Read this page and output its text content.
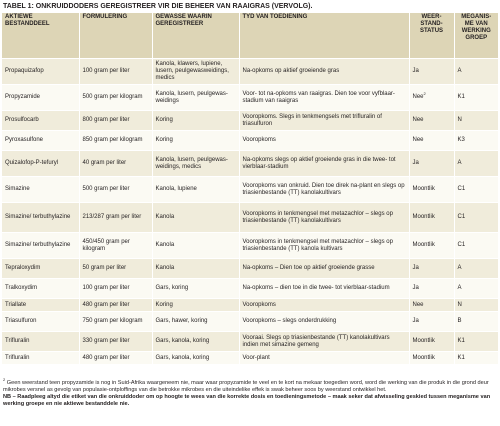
TABEL 1: ONKRUIDDODERS GEREGISTREER VIR DIE BEHEER VAN RAAIGRAS (VERVOLG).
AKTIEWE BESTANDDEEL	FORMULERING	GEWASSE WAARIN GEREGISTREER	TYD VAN TOEDIENING	WEER-STAND-STATUS	MEGANIS-ME VAN WERKING GROEP
Propaquizafop	100 gram per liter	Kanola, klawers, lupiene, lusern, peulgewasweidings, medics	Na-opkoms op aktief groeiende gras	Ja	A
Propyzamide	500 gram per kilogram	Kanola, lusern, peulgewas-weidings	Voor- tot na-opkoms van raaigras. Dien toe voor vyfblaar-stadium van raaigras	Nee$^2$	K1
Prosulfocarb	800 gram per liter	Koring	Vooropkoms. Slegs in tenkmengsels met trifluralin of triasulfuron	Nee	N
Pyroxasulfone	850 gram per kilogram	Koring	Vooropkoms	Nee	K3
Quizalofop-P-tefuryl	40 gram per liter	Kanola, lusern, peulgewas-weidings, medics	Na-opkoms slegs op aktief groeiende gras in die twee- tot vierblaar-stadium	Ja	A
Simazine	500 gram per liter	Kanola, lupiene	Vooropkoms van onkruid. Dien toe direk na-plant en slegs op triasienbestande (TT) kanolakultivars	Moontlik	C1
Simazine/ terbuthylazine	213/287 gram per liter	Kanola	Vooropkoms in tenkmengsel met metazachlor – slegs op triasienbestande (TT) kanolakultivars	Moontlik	C1
Simazine/ terbuthylazine	450/450 gram per kilogram	Kanola	Vooropkoms in tenkmengsel met metazachlor – slegs op triasienbestande (TT) kanola kultivars	Moontlik	C1
Tepraloxydim	50 gram per liter	Kanola	Na-opkoms – Dien toe op aktief groeiende grasse	Ja	A
Tralkoxydim	100 gram per liter	Gars, koring	Na-opkoms – dien toe in die twee- tot vierblaar-stadium	Ja	A
Triallate	480 gram per liter	Koring	Vooropkoms	Nee	N
Triasulfuron	750 gram per kilogram	Gars, hawer, koring	Vooropkoms – slegs onderdrukking	Ja	B
Trifluralin	330 gram per liter	Gars, kanola, koring	Vooraai. Slegs op triasienbestande (TT) kanolakultivars indien met simazine gemeng	Moontlik	K1
Trifluralin	480 gram per liter	Gars, kanola, koring	Voor-plant	Moontlik	K1

$^2$ Geen weerstand teen propyzamide is nog in Suid-Afrika waargeneem nie, maar waar propyzamide te veel en te kort na mekaar toegedien word, word die werking van die produk in die grond deur mikrobes versnel as gevolg van populasie-ontploffings van die betrokke mikrobes en die uiteindelike effek is swak beheer soos by weerstand ontwikkel het.

NB – Raadpleeg altyd die etiket van die onkruiddoder om op hoogte te wees van die korrekte dosis en toedieningsmetode – maak seker dat afwisseling geskied tussen meganisme van werking groepe en nie aktiewe bestanddele nie.
